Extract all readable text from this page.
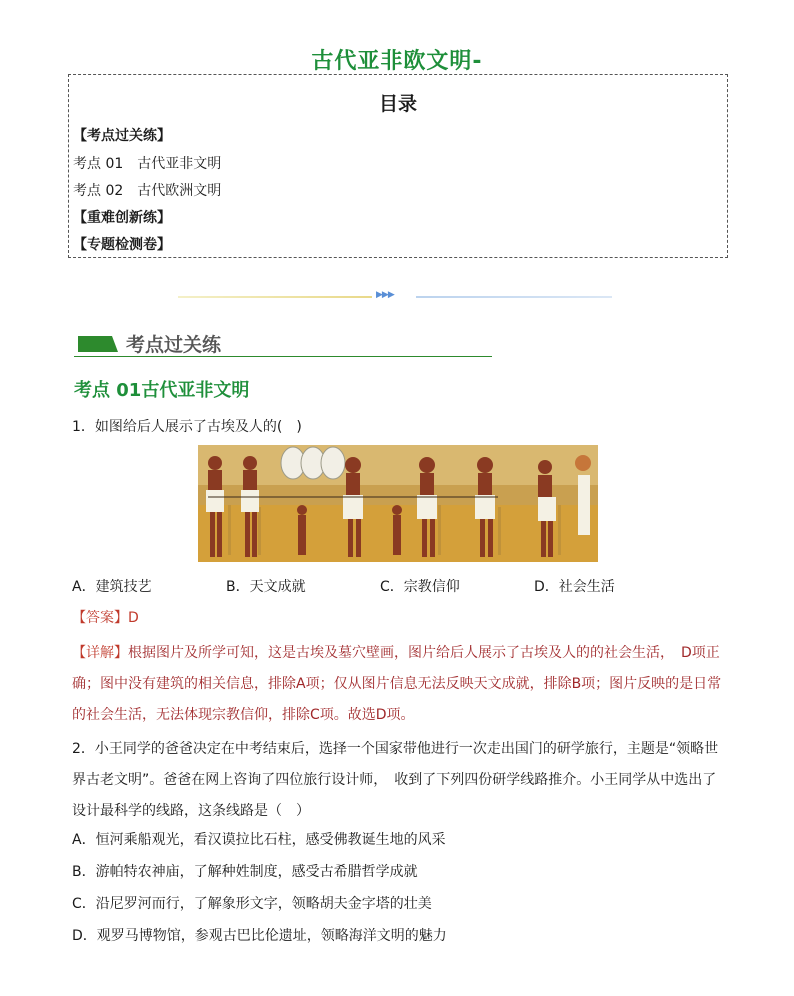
古代亚非欧文明-
目录
【考点过关练】
考点 01　古代亚非文明
考点 02　古代欧洲文明
【重难创新练】
【专题检测卷】
▶▶▶
考点过关练
考点 01古代亚非文明
1．如图给后人展示了古埃及人的(　)
A．建筑技艺	B．天文成就	C．宗教信仰	D．社会生活
【答案】D
【详解】根据图片及所学可知，这是古埃及墓穴壁画，图片给后人展示了古埃及人的的社会生活，　D项正确；图中没有建筑的相关信息，排除A项；仅从图片信息无法反映天文成就，排除B项；图片反映的是日常的社会生活，无法体现宗教信仰，排除C项。故选D项。
2．小王同学的爸爸决定在中考结束后，选择一个国家带他进行一次走出国门的研学旅行，主题是“领略世界古老文明”。爸爸在网上咨询了四位旅行设计师，　收到了下列四份研学线路推介。小王同学从中选出了设计最科学的线路，这条线路是（　）
A．恒河乘船观光，看汉谟拉比石柱，感受佛教诞生地的风采
B．游帕特农神庙，了解种姓制度，感受古希腊哲学成就
C．沿尼罗河而行，了解象形文字，领略胡夫金字塔的壮美
D．观罗马博物馆，参观古巴比伦遗址，领略海洋文明的魅力
